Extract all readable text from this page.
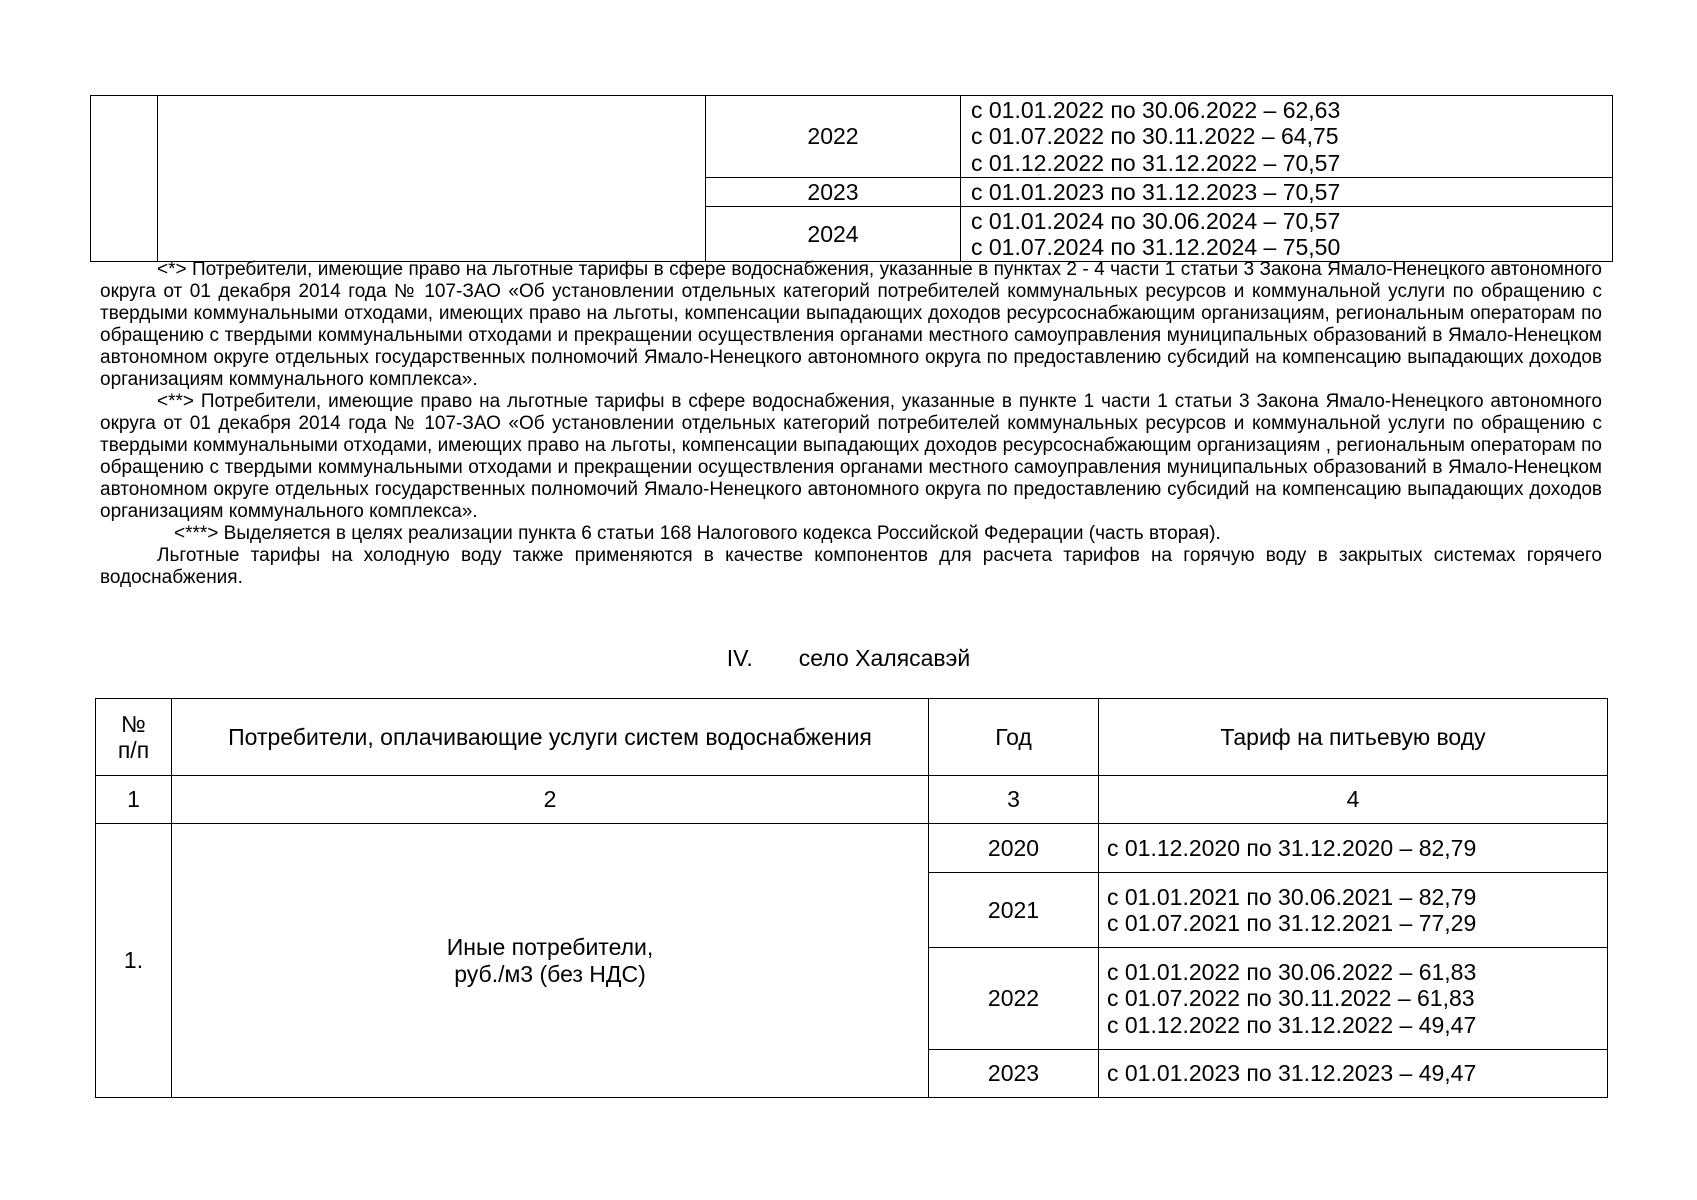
		2022	с 01.01.2022 по 30.06.2022 – 62,63
с 01.07.2022 по 30.11.2022 – 64,75
с 01.12.2022 по 31.12.2022 – 70,57

		2023	с 01.01.2023 по 31.12.2023 – 70,57

		2024	с 01.01.2024 по 30.06.2024 – 70,57
с 01.07.2024 по 31.12.2024 – 75,50

<*> Потребители, имеющие право на льготные тарифы в сфере водоснабжения, указанные в пунктах 2 - 4 части 1 статьи 3 Закона Ямало-Ненецкого автономного округа от 01 декабря 2014 года № 107-ЗАО «Об установлении отдельных категорий потребителей коммунальных ресурсов и коммунальной услуги по обращению с твердыми коммунальными отходами, имеющих право на льготы, компенсации выпадающих доходов ресурсоснабжающим организациям, региональным операторам по обращению с твердыми коммунальными отходами и прекращении осуществления органами местного самоуправления муниципальных образований в Ямало-Ненецком автономном округе отдельных государственных полномочий Ямало-Ненецкого автономного округа по предоставлению субсидий на компенсацию выпадающих доходов организациям коммунального комплекса».

<**> Потребители, имеющие право на льготные тарифы в сфере водоснабжения, указанные в пункте 1 части 1 статьи 3 Закона Ямало-Ненецкого автономного округа от 01 декабря 2014 года № 107-ЗАО «Об установлении отдельных категорий потребителей коммунальных ресурсов и коммунальной услуги по обращению с твердыми коммунальными отходами, имеющих право на льготы, компенсации выпадающих доходов ресурсоснабжающим организациям , региональным операторам по обращению с твердыми коммунальными отходами и прекращении осуществления органами местного самоуправления муниципальных образований в Ямало-Ненецком автономном округе отдельных государственных полномочий Ямало-Ненецкого автономного округа по предоставлению субсидий на компенсацию выпадающих доходов организациям коммунального комплекса».

<***> Выделяется в целях реализации пункта 6 статьи 168 Налогового кодекса Российской Федерации (часть вторая).

Льготные тарифы на холодную воду также применяются в качестве компонентов для расчета тарифов на горячую воду в закрытых системах горячего водоснабжения.

IV. село Халясавэй
№
п/п	Потребители, оплачивающие услуги систем водоснабжения	Год	Тариф на питьевую воду
1	2	3	4
1.	Иные потребители,
руб./м3 (без НДС)	2020	с 01.12.2020 по 31.12.2020 – 82,79

		2021	с 01.01.2021 по 30.06.2021 – 82,79
с 01.07.2021 по 31.12.2021 – 77,29

		2022	с 01.01.2022 по 30.06.2022 – 61,83
с 01.07.2022 по 30.11.2022 – 61,83
с 01.12.2022 по 31.12.2022 – 49,47

		2023	с 01.01.2023 по 31.12.2023 – 49,47
